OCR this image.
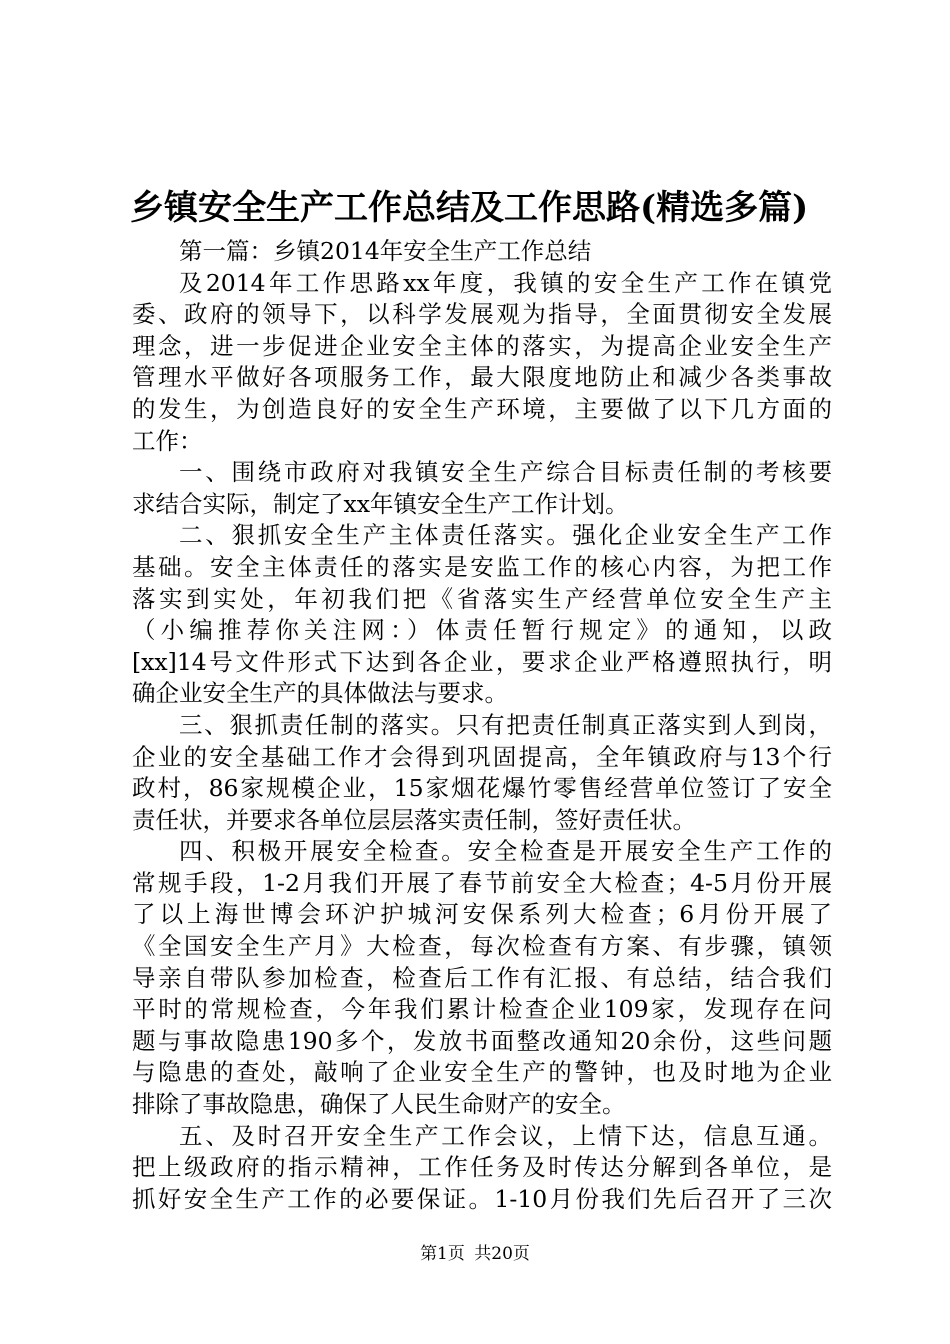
乡镇安全生产工作总结及工作思路(精选多篇)
第一篇：乡镇2014年安全生产工作总结
及2014年工作思路xx年度，我镇的安全生产工作在镇党
委、政府的领导下，以科学发展观为指导，全面贯彻安全发展
理念，进一步促进企业安全主体的落实，为提高企业安全生产
管理水平做好各项服务工作，最大限度地防止和减少各类事故
的发生，为创造良好的安全生产环境，主要做了以下几方面的
工作：
一、围绕市政府对我镇安全生产综合目标责任制的考核要
求结合实际，制定了xx年镇安全生产工作计划。
二、狠抓安全生产主体责任落实。强化企业安全生产工作
基础。安全主体责任的落实是安监工作的核心内容，为把工作
落实到实处，年初我们把《省落实生产经营单位安全生产主
（小编推荐你关注网：）体责任暂行规定》的通知，以政
[xx]14号文件形式下达到各企业，要求企业严格遵照执行，明
确企业安全生产的具体做法与要求。
三、狠抓责任制的落实。只有把责任制真正落实到人到岗，
企业的安全基础工作才会得到巩固提高，全年镇政府与13个行
政村，86家规模企业，15家烟花爆竹零售经营单位签订了安全
责任状，并要求各单位层层落实责任制，签好责任状。
四、积极开展安全检查。安全检查是开展安全生产工作的
常规手段，1-2月我们开展了春节前安全大检查；4-5月份开展
了以上海世博会环沪护城河安保系列大检查；6月份开展了
《全国安全生产月》大检查，每次检查有方案、有步骤，镇领
导亲自带队参加检查，检查后工作有汇报、有总结，结合我们
平时的常规检查，今年我们累计检查企业109家，发现存在问
题与事故隐患190多个，发放书面整改通知20余份，这些问题
与隐患的查处，敲响了企业安全生产的警钟，也及时地为企业
排除了事故隐患，确保了人民生命财产的安全。
五、及时召开安全生产工作会议，上情下达，信息互通。
把上级政府的指示精神，工作任务及时传达分解到各单位，是
抓好安全生产工作的必要保证。1-10月份我们先后召开了三次
第1页 共20页
